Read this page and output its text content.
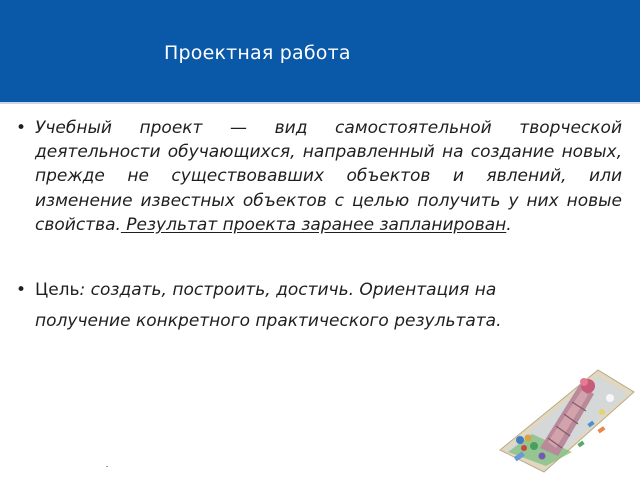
Проектная работа
• Учебный проект — вид самостоятельной творческой деятельности обучающихся, направленный на создание новых, прежде не существовавших объектов и явлений, или изменение известных объектов с целью получить у них новые свойства. Результат проекта заранее запланирован.
• Цель: создать, построить, достичь. Ориентация на получение конкретного практического результата.
